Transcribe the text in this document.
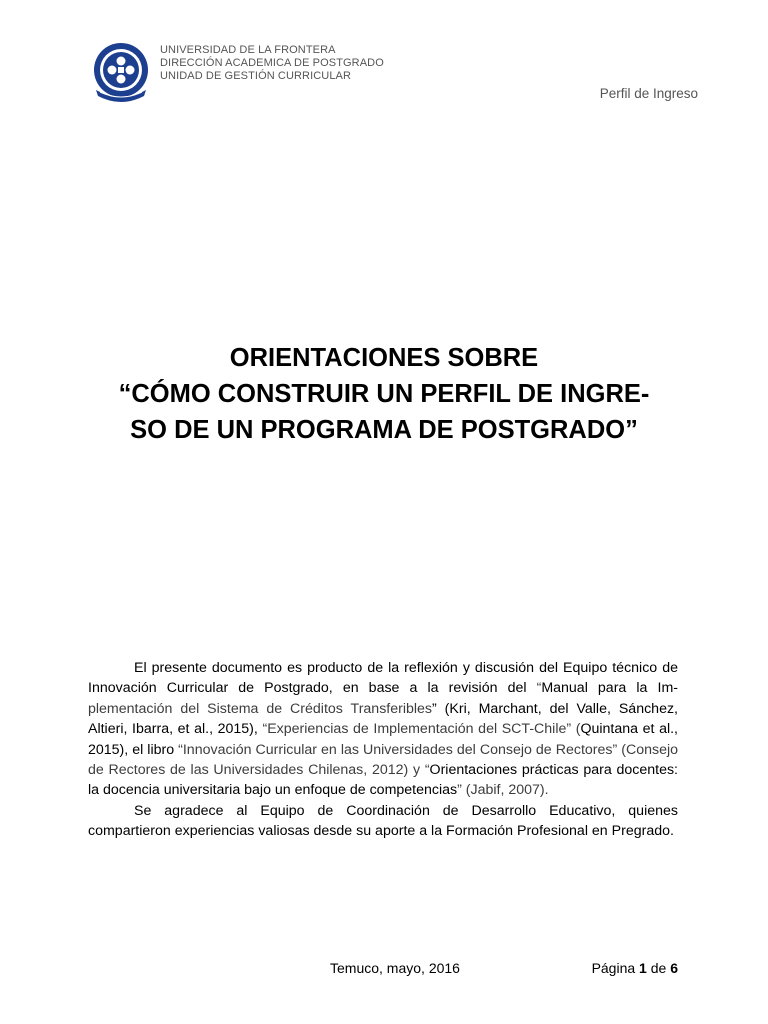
UNIVERSIDAD DE LA FRONTERA
DIRECCIÓN ACADEMICA DE POSTGRADO
UNIDAD DE GESTIÓN CURRICULAR
Perfil de Ingreso
ORIENTACIONES SOBRE
“CÓMO CONSTRUIR UN PERFIL DE INGRE-
SO DE UN PROGRAMA DE POSTGRADO”

El presente documento es producto de la reflexión y discusión del Equipo técnico de Innovación Curricular de Postgrado, en base a la revisión del “Manual para la Im-plementación del Sistema de Créditos Transferibles” (Kri, Marchant, del Valle, Sánchez, Altieri, Ibarra, et al., 2015), “Experiencias de Implementación del SCT-Chile” (Quintana et al., 2015), el libro “Innovación Curricular en las Universidades del Consejo de Rectores” (Consejo de Rectores de las Universidades Chilenas, 2012) y “Orientaciones prácticas para docentes: la docencia universitaria bajo un enfoque de competencias” (Jabif, 2007).

Se agradece al Equipo de Coordinación de Desarrollo Educativo, quienes compartieron experiencias valiosas desde su aporte a la Formación Profesional en Pregrado.

Temuco, mayo, 2016	Página 1 de 6
